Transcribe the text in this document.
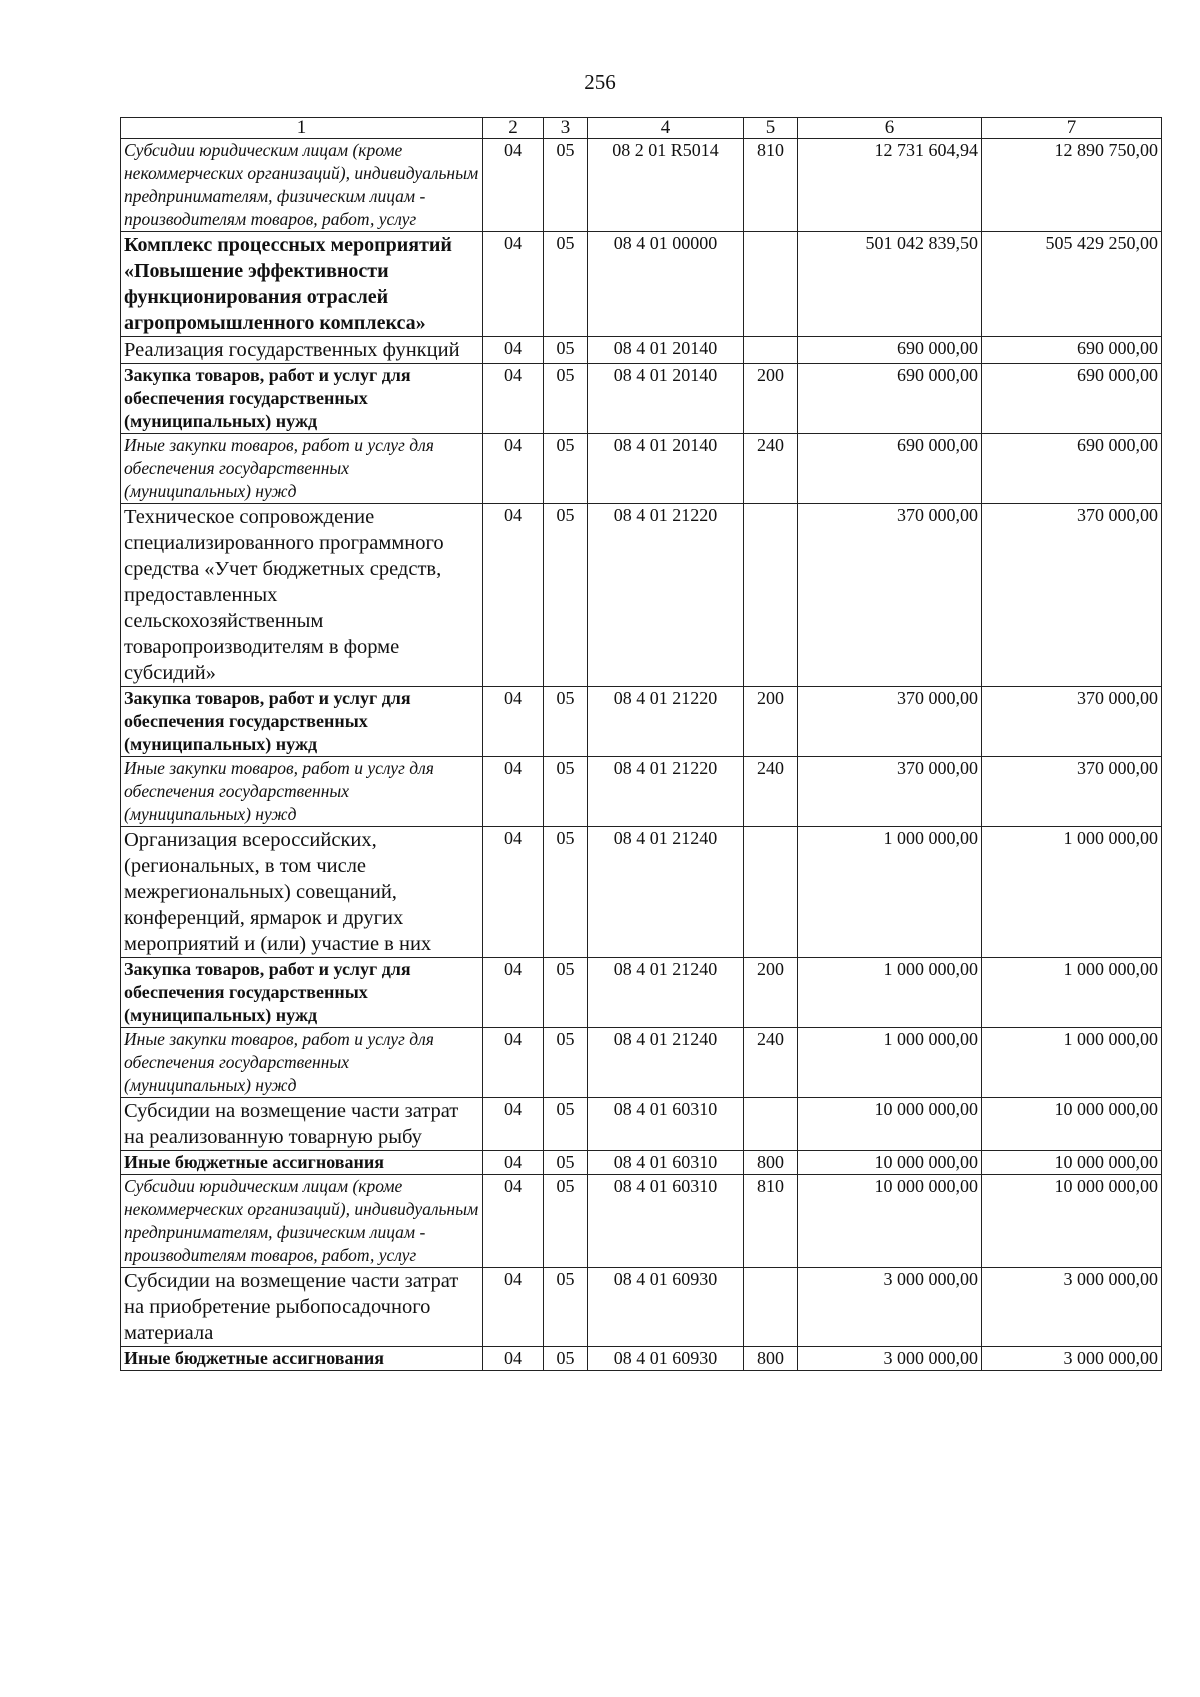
256
1	2	3	4	5	6	7
Субсидии юридическим лицам (кроме некоммерческих организаций), индивидуальным предпринимателям, физическим лицам - производителям товаров, работ, услуг	04	05	08 2 01 R5014	810	12 731 604,94	12 890 750,00
Комплекс процессных мероприятий «Повышение эффективности функционирования отраслей агропромышленного комплекса»	04	05	08 4 01 00000		501 042 839,50	505 429 250,00
Реализация государственных функций	04	05	08 4 01 20140		690 000,00	690 000,00
Закупка товаров, работ и услуг для обеспечения государственных (муниципальных) нужд	04	05	08 4 01 20140	200	690 000,00	690 000,00
Иные закупки товаров, работ и услуг для обеспечения государственных (муниципальных) нужд	04	05	08 4 01 20140	240	690 000,00	690 000,00
Техническое сопровождение специализированного программного средства «Учет бюджетных средств, предоставленных сельскохозяйственным товаропроизводителям в форме субсидий»	04	05	08 4 01 21220		370 000,00	370 000,00
Закупка товаров, работ и услуг для обеспечения государственных (муниципальных) нужд	04	05	08 4 01 21220	200	370 000,00	370 000,00
Иные закупки товаров, работ и услуг для обеспечения государственных (муниципальных) нужд	04	05	08 4 01 21220	240	370 000,00	370 000,00
Организация всероссийских, (региональных, в том числе межрегиональных) совещаний, конференций, ярмарок и других мероприятий и (или) участие в них	04	05	08 4 01 21240		1 000 000,00	1 000 000,00
Закупка товаров, работ и услуг для обеспечения государственных (муниципальных) нужд	04	05	08 4 01 21240	200	1 000 000,00	1 000 000,00
Иные закупки товаров, работ и услуг для обеспечения государственных (муниципальных) нужд	04	05	08 4 01 21240	240	1 000 000,00	1 000 000,00
Субсидии на возмещение части затрат на реализованную товарную рыбу	04	05	08 4 01 60310		10 000 000,00	10 000 000,00
Иные бюджетные ассигнования	04	05	08 4 01 60310	800	10 000 000,00	10 000 000,00
Субсидии юридическим лицам (кроме некоммерческих организаций), индивидуальным предпринимателям, физическим лицам - производителям товаров, работ, услуг	04	05	08 4 01 60310	810	10 000 000,00	10 000 000,00
Субсидии на возмещение части затрат на приобретение рыбопосадочного материала	04	05	08 4 01 60930		3 000 000,00	3 000 000,00
Иные бюджетные ассигнования	04	05	08 4 01 60930	800	3 000 000,00	3 000 000,00
